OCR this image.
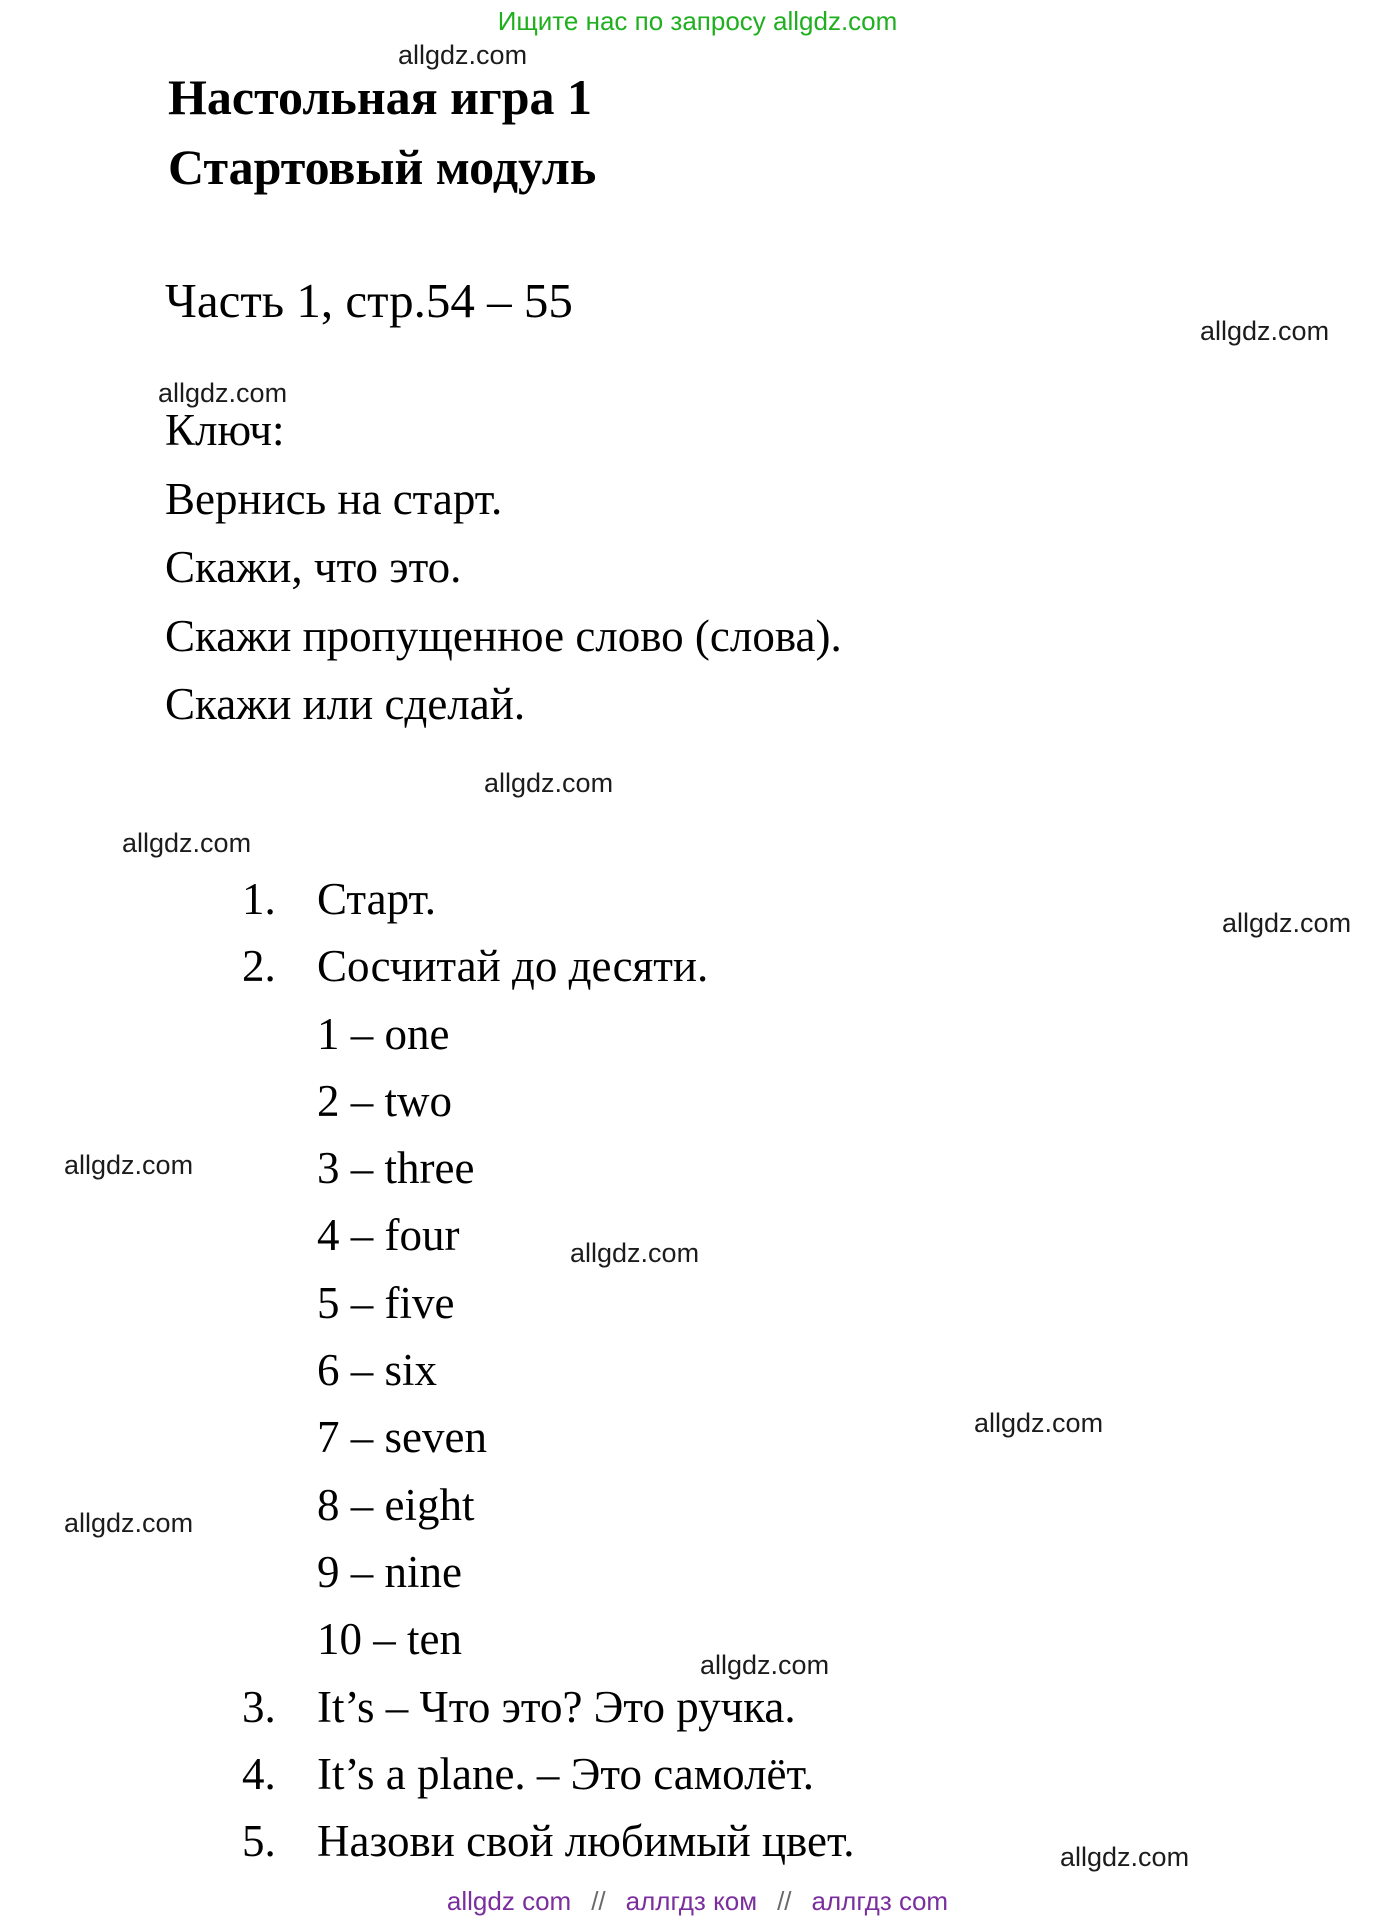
Ищите нас по запросу allgdz.com
allgdz.com
allgdz.com
allgdz.com
allgdz.com
allgdz.com
allgdz.com
allgdz.com
allgdz.com
allgdz.com
allgdz.com
allgdz.com
allgdz.com
Настольная игра 1
Стартовый модуль
Часть 1, стр.54 – 55
Ключ:
Вернись на старт.
Скажи, что это.
Скажи пропущенное слово (слова).
Скажи или сделай.
1. Старт.
2. Сосчитай до десяти.
1 – one
2 – two
3 – three
4 – four
5 – five
6 – six
7 – seven
8 – eight
9 – nine
10 – ten
3. It’s – Что это? Это ручка.
4. It’s a plane. – Это самолёт.
5. Назови свой любимый цвет.
allgdz com // аллгдз ком // аллгдз com
